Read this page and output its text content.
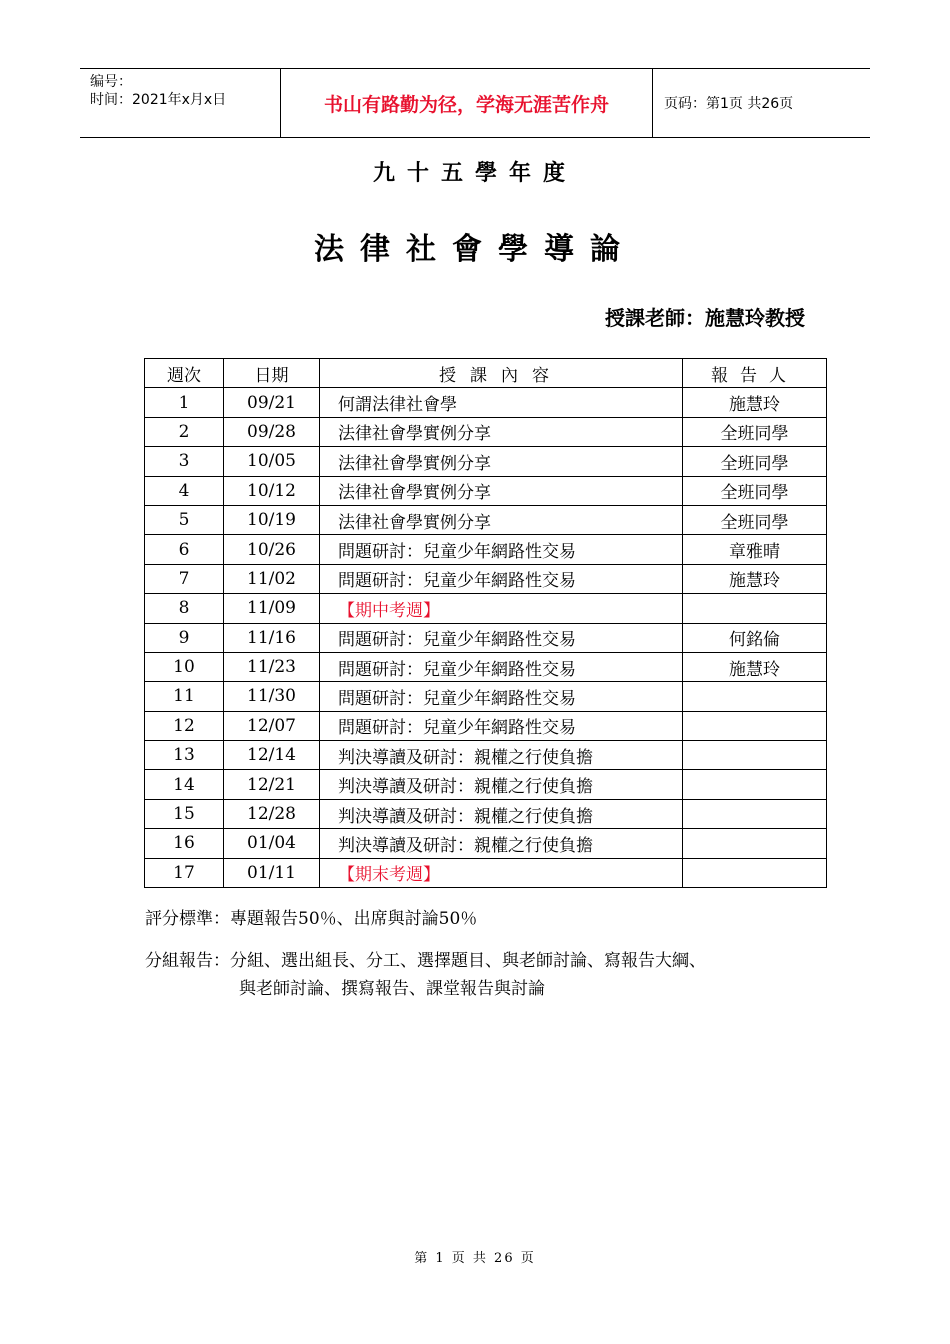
编号：
时间：2021年x月x日	书山有路勤为径，学海无涯苦作舟	页码：第1页 共26页
九十五學年度
法律社會學導論
授課老師：施慧玲教授
週次	日期	授課內容	報告人
1	09/21	何謂法律社會學	施慧玲
2	09/28	法律社會學實例分享	全班同學
3	10/05	法律社會學實例分享	全班同學
4	10/12	法律社會學實例分享	全班同學
5	10/19	法律社會學實例分享	全班同學
6	10/26	問題研討：兒童少年網路性交易	章雅晴
7	11/02	問題研討：兒童少年網路性交易	施慧玲
8	11/09	【期中考週】	
9	11/16	問題研討：兒童少年網路性交易	何銘倫
10	11/23	問題研討：兒童少年網路性交易	施慧玲
11	11/30	問題研討：兒童少年網路性交易	
12	12/07	問題研討：兒童少年網路性交易	
13	12/14	判決導讀及研討：親權之行使負擔	
14	12/21	判決導讀及研討：親權之行使負擔	
15	12/28	判決導讀及研討：親權之行使負擔	
16	01/04	判決導讀及研討：親權之行使負擔	
17	01/11	【期末考週】	
評分標準：專題報告50％、出席與討論50％
分組報告：分組、選出組長、分工、選擇題目、與老師討論、寫報告大綱、
與老師討論、撰寫報告、課堂報告與討論
第 1 页 共 26 页
